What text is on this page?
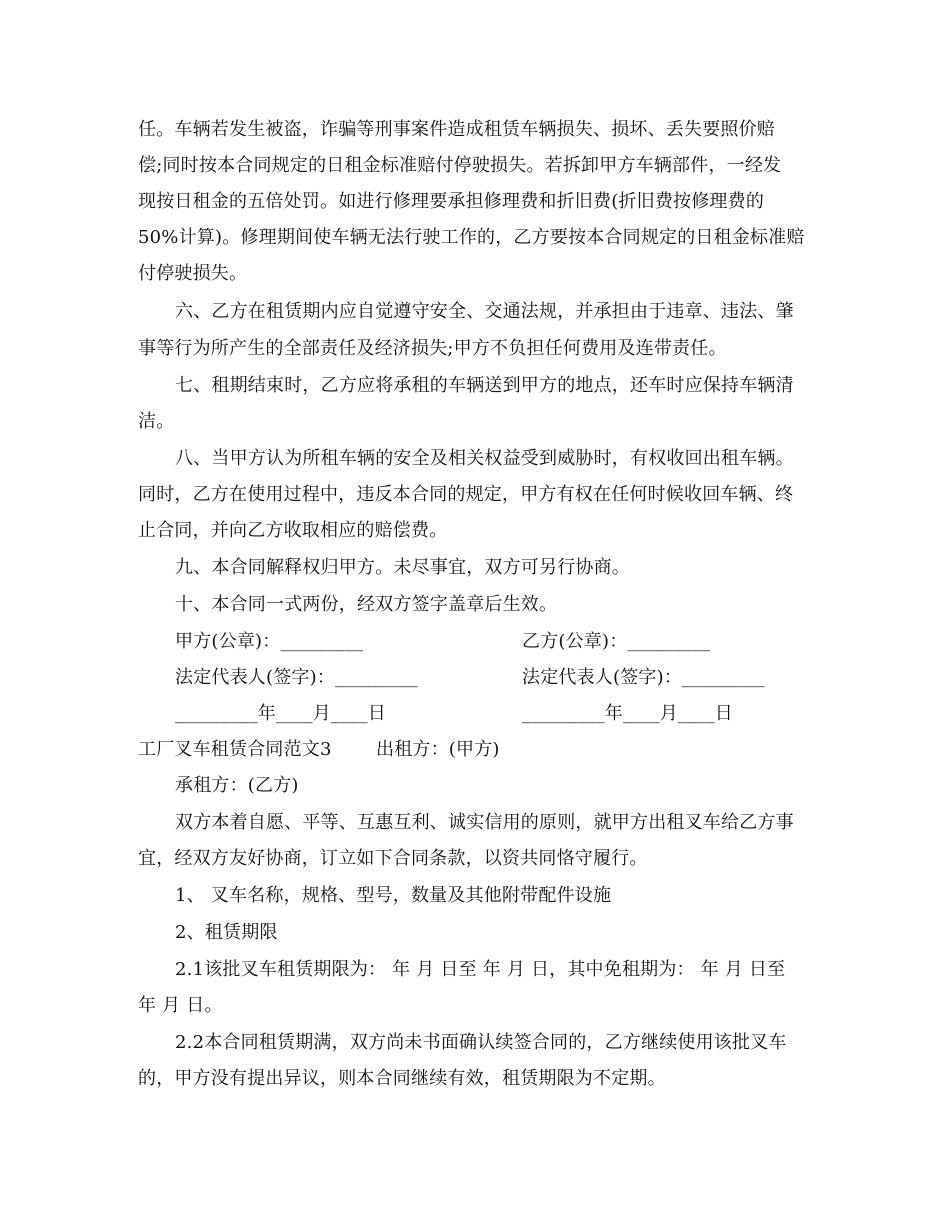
任。车辆若发生被盗，诈骗等刑事案件造成租赁车辆损失、损坏、丢失要照价赔
偿;同时按本合同规定的日租金标准赔付停驶损失。若拆卸甲方车辆部件，一经发
现按日租金的五倍处罚。如进行修理要承担修理费和折旧费(折旧费按修理费的
50%计算)。修理期间使车辆无法行驶工作的，乙方要按本合同规定的日租金标准赔
付停驶损失。
六、乙方在租赁期内应自觉遵守安全、交通法规，并承担由于违章、违法、肇
事等行为所产生的全部责任及经济损失;甲方不负担任何费用及连带责任。
七、租期结束时，乙方应将承租的车辆送到甲方的地点，还车时应保持车辆清
洁。
八、当甲方认为所租车辆的安全及相关权益受到威胁时，有权收回出租车辆。
同时，乙方在使用过程中，违反本合同的规定，甲方有权在任何时候收回车辆、终
止合同，并向乙方收取相应的赔偿费。
九、本合同解释权归甲方。未尽事宜，双方可另行协商。
十、本合同一式两份，经双方签字盖章后生效。
甲方(公章)：_________	乙方(公章)：_________
法定代表人(签字)：_________	法定代表人(签字)：_________
_________年____月____日	_________年____月____日
工厂叉车租赁合同范文3	出租方：(甲方)
承租方：(乙方)
双方本着自愿、平等、互惠互利、诚实信用的原则，就甲方出租叉车给乙方事
宜，经双方友好协商，订立如下合同条款，以资共同恪守履行。
1、 叉车名称，规格、型号，数量及其他附带配件设施
2、租赁期限
2.1该批叉车租赁期限为： 年 月 日至 年 月 日，其中免租期为： 年 月 日至
年 月 日。
2.2本合同租赁期满，双方尚未书面确认续签合同的，乙方继续使用该批叉车
的，甲方没有提出异议，则本合同继续有效，租赁期限为不定期。
